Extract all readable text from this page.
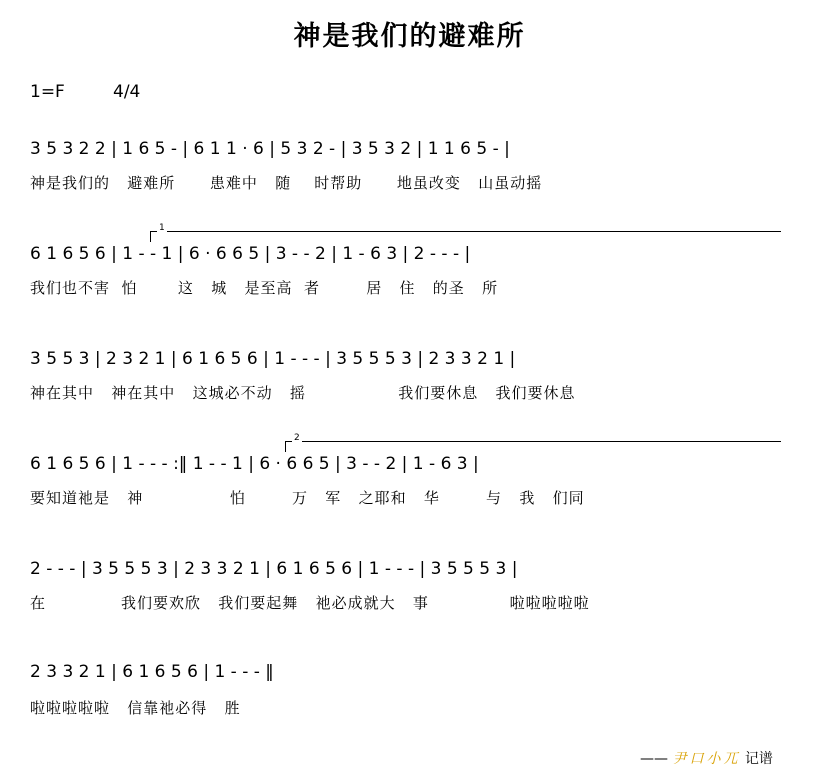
神是我们的避难所
1=F	4/4
3 5 3 2 2 | 1 6 5 - | 6 1 1 · 6 | 5 3 2 - | 3 5 3 2 | 1 1 6 5 - |
神是我们的   避难所      患难中   随    时帮助      地虽改变   山虽动摇
1
6 1 6 5 6 | 1 - - 1 | 6 · 6 6 5 | 3 - - 2 | 1 - 6 3 | 2 - - - |
我们也不害  怕       这   城   是至高  者        居   住   的圣   所
3 5 5 3 | 2 3 2 1 | 6 1 6 5 6 | 1 - - - | 3 5 5 5 3 | 2 3 3 2 1 |
神在其中   神在其中   这城必不动   摇                我们要休息   我们要休息
2
6 1 6 5 6 | 1 - - - :‖ 1 - - 1 | 6 · 6 6 5 | 3 - - 2 | 1 - 6 3 |
要知道祂是   神               怕        万   军   之耶和   华        与   我   们同
2 - - - | 3 5 5 5 3 | 2 3 3 2 1 | 6 1 6 5 6 | 1 - - - | 3 5 5 5 3 |
在             我们要欢欣   我们要起舞   祂必成就大   事              啦啦啦啦啦
2 3 3 2 1 | 6 1 6 5 6 | 1 - - - ‖
啦啦啦啦啦   信靠祂必得   胜
—— 尹口小兀 记谱
